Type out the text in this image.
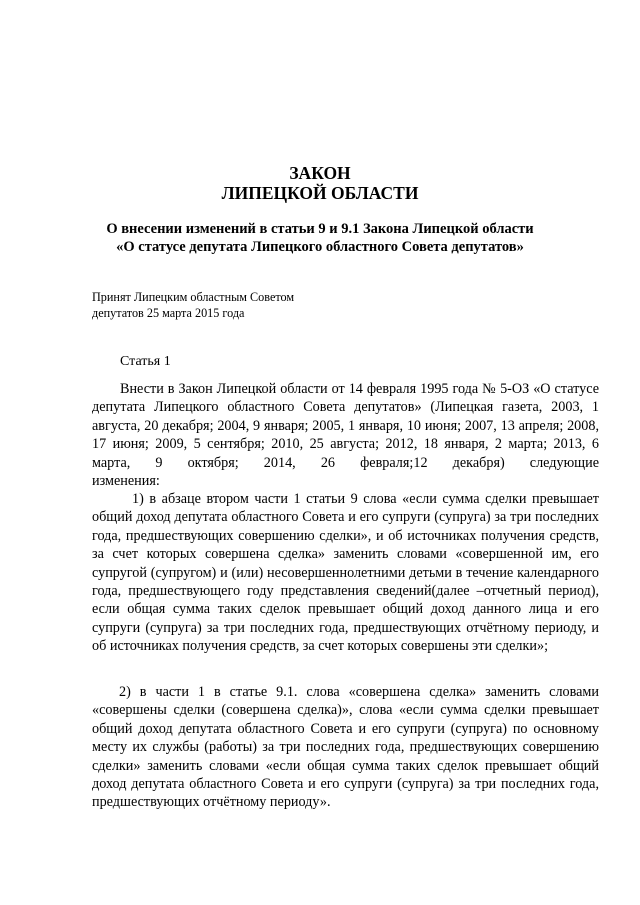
ЗАКОН
ЛИПЕЦКОЙ ОБЛАСТИ
О внесении изменений в статьи 9 и 9.1 Закона Липецкой области
«О статусе депутата Липецкого областного Совета депутатов»
Принят Липецким областным Советом
депутатов 25 марта 2015 года
Статья 1
Внести в Закон Липецкой области от 14 февраля 1995 года № 5-ОЗ «О статусе депутата Липецкого областного Совета депутатов» (Липецкая газета, 2003, 1 августа, 20 декабря; 2004, 9 января; 2005, 1 января, 10 июня; 2007, 13 апреля; 2008, 17 июня; 2009, 5 сентября; 2010, 25 августа; 2012, 18 января, 2 марта; 2013, 6 марта, 9 октября; 2014, 26 февраля;12 декабря) следующие
изменения:
1) в абзаце втором части 1 статьи 9 слова «если сумма сделки превышает общий доход депутата областного Совета и его супруги (супруга) за три последних года, предшествующих совершению сделки», и об источниках получения средств, за счет которых совершена сделка» заменить словами «совершенной им, его супругой (супругом) и (или) несовершеннолетними детьми в течение календарного года, предшествующего году представления сведений(далее –отчетный период), если общая сумма таких сделок превышает общий доход данного лица и его супруги (супруга) за три последних года, предшествующих отчётному периоду, и об источниках получения средств, за счет которых совершены эти сделки»;
2) в части 1 в статье 9.1. слова «совершена сделка» заменить словами «совершены сделки (совершена сделка)», слова «если сумма сделки превышает общий доход депутата областного Совета и его супруги (супруга) по основному месту их службы (работы) за три последних года, предшествующих совершению сделки» заменить словами «если общая сумма таких сделок превышает общий доход депутата областного Совета и его супруги (супруга) за три последних года, предшествующих отчётному периоду».
